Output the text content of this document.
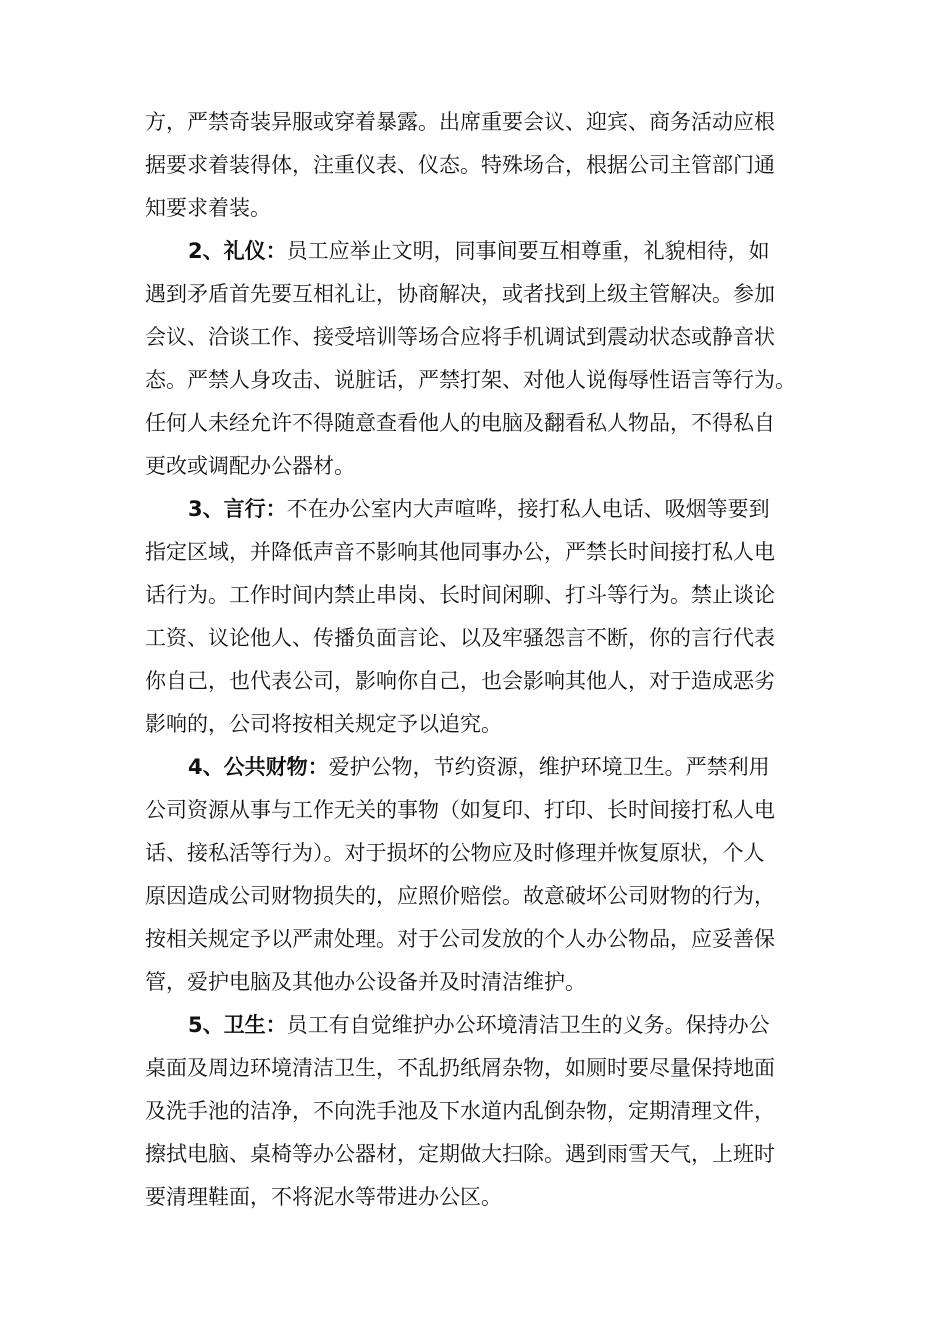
方，严禁奇装异服或穿着暴露。出席重要会议、迎宾、商务活动应根
据要求着装得体，注重仪表、仪态。特殊场合，根据公司主管部门通
知要求着装。
2、礼仪：员工应举止文明，同事间要互相尊重，礼貌相待，如
遇到矛盾首先要互相礼让，协商解决，或者找到上级主管解决。参加
会议、洽谈工作、接受培训等场合应将手机调试到震动状态或静音状
态。严禁人身攻击、说脏话，严禁打架、对他人说侮辱性语言等行为。
任何人未经允许不得随意查看他人的电脑及翻看私人物品，不得私自
更改或调配办公器材。
3、言行：不在办公室内大声喧哗，接打私人电话、吸烟等要到
指定区域，并降低声音不影响其他同事办公，严禁长时间接打私人电
话行为。工作时间内禁止串岗、长时间闲聊、打斗等行为。禁止谈论
工资、议论他人、传播负面言论、以及牢骚怨言不断，你的言行代表
你自己，也代表公司，影响你自己，也会影响其他人，对于造成恶劣
影响的，公司将按相关规定予以追究。
4、公共财物：爱护公物，节约资源，维护环境卫生。严禁利用
公司资源从事与工作无关的事物（如复印、打印、长时间接打私人电
话、接私活等行为）。对于损坏的公物应及时修理并恢复原状，个人
原因造成公司财物损失的，应照价赔偿。故意破坏公司财物的行为，
按相关规定予以严肃处理。对于公司发放的个人办公物品，应妥善保
管，爱护电脑及其他办公设备并及时清洁维护。
5、卫生：员工有自觉维护办公环境清洁卫生的义务。保持办公
桌面及周边环境清洁卫生，不乱扔纸屑杂物，如厕时要尽量保持地面
及洗手池的洁净，不向洗手池及下水道内乱倒杂物，定期清理文件，
擦拭电脑、桌椅等办公器材，定期做大扫除。遇到雨雪天气，上班时
要清理鞋面，不将泥水等带进办公区。
